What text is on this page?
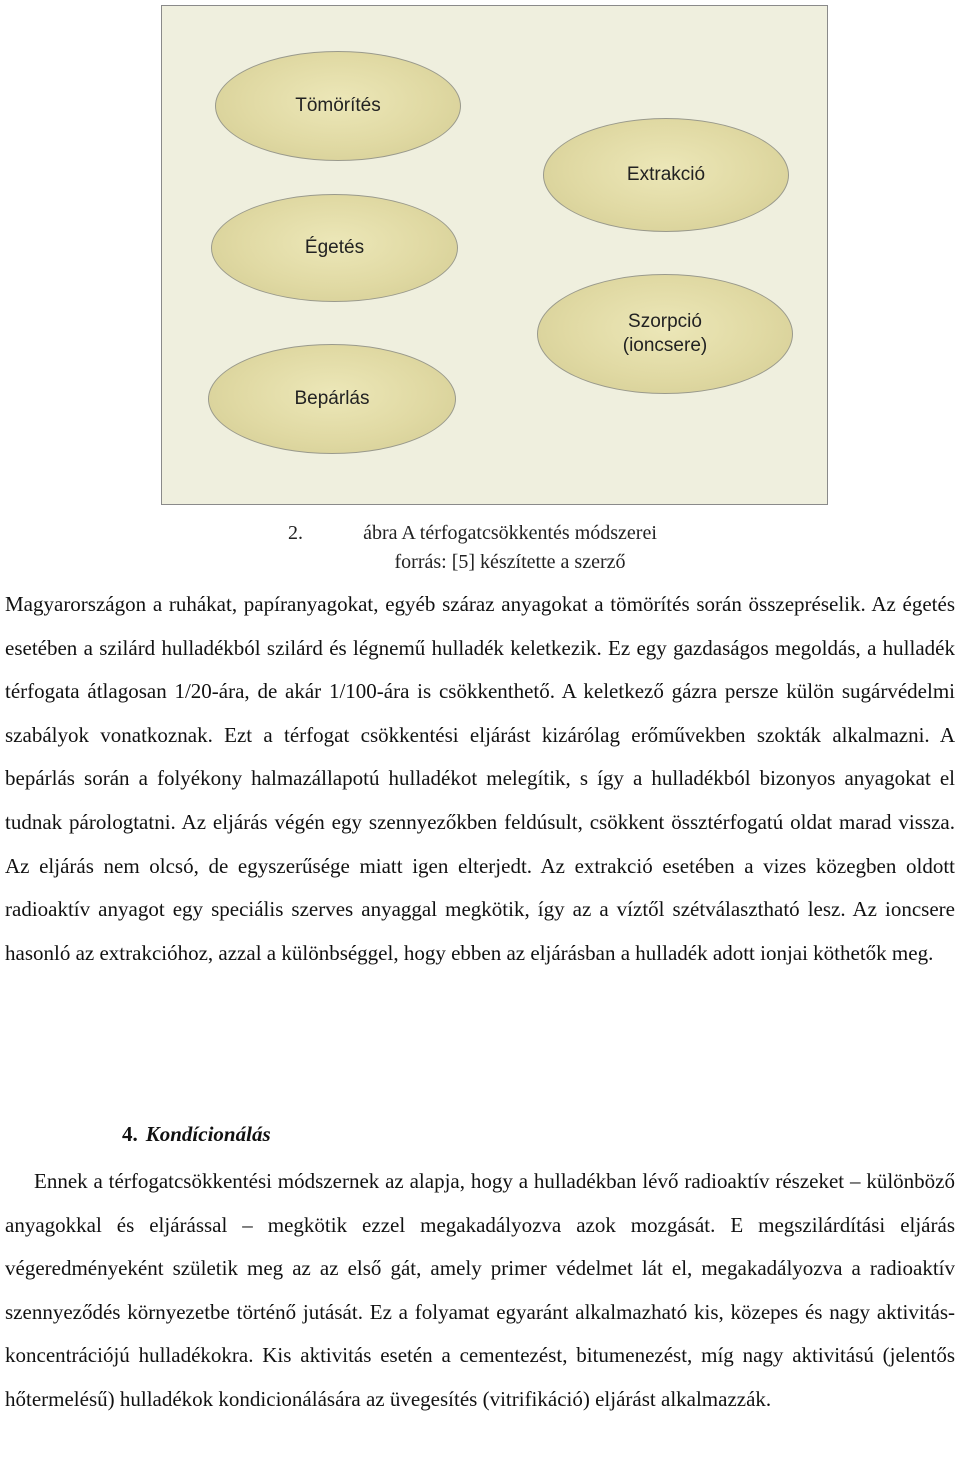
Tömörítés
Égetés
Bepárlás
Extrakció
Szorpció
(ioncsere)
2.	ábra A térfogatcsökkentés módszerei
forrás: [5] készítette a szerző

Magyarországon a ruhákat, papíranyagokat, egyéb száraz anyagokat a tömörítés során összepréselik. Az égetés esetében a szilárd hulladékból szilárd és légnemű hulladék keletkezik. Ez egy gazdaságos megoldás, a hulladék térfogata átlagosan 1/20-ára, de akár 1/100-ára is csökkenthető. A keletkező gázra persze külön sugárvédelmi szabályok vonatkoznak. Ezt a térfogat csökkentési eljárást kizárólag erőművekben szokták alkalmazni. A bepárlás során a folyékony halmazállapotú hulladékot melegítik, s így a hulladékból bizonyos anyagokat el tudnak párologtatni. Az eljárás végén egy szennyezőkben feldúsult, csökkent össztérfogatú oldat marad vissza. Az eljárás nem olcsó, de egyszerűsége miatt igen elterjedt. Az extrakció esetében a vizes közegben oldott radioaktív anyagot egy speciális szerves anyaggal megkötik, így az a víztől szétválasztható lesz. Az ioncsere hasonló az extrakcióhoz, azzal a különbséggel, hogy ebben az eljárásban a hulladék adott ionjai köthetők meg.

4. Kondícionálás

Ennek a térfogatcsökkentési módszernek az alapja, hogy a hulladékban lévő radioaktív részeket – különböző anyagokkal és eljárással – megkötik ezzel megakadályozva azok mozgását. E megszilárdítási eljárás végeredményeként születik meg az az első gát, amely primer védelmet lát el, megakadályozva a radioaktív szennyeződés környezetbe történő jutását. Ez a folyamat egyaránt alkalmazható kis, közepes és nagy aktivitás-koncentrációjú hulladékokra. Kis aktivitás esetén a cementezést, bitumenezést, míg nagy aktivitású (jelentős hőtermelésű) hulladékok kondicionálására az üvegesítés (vitrifikáció) eljárást alkalmazzák.
